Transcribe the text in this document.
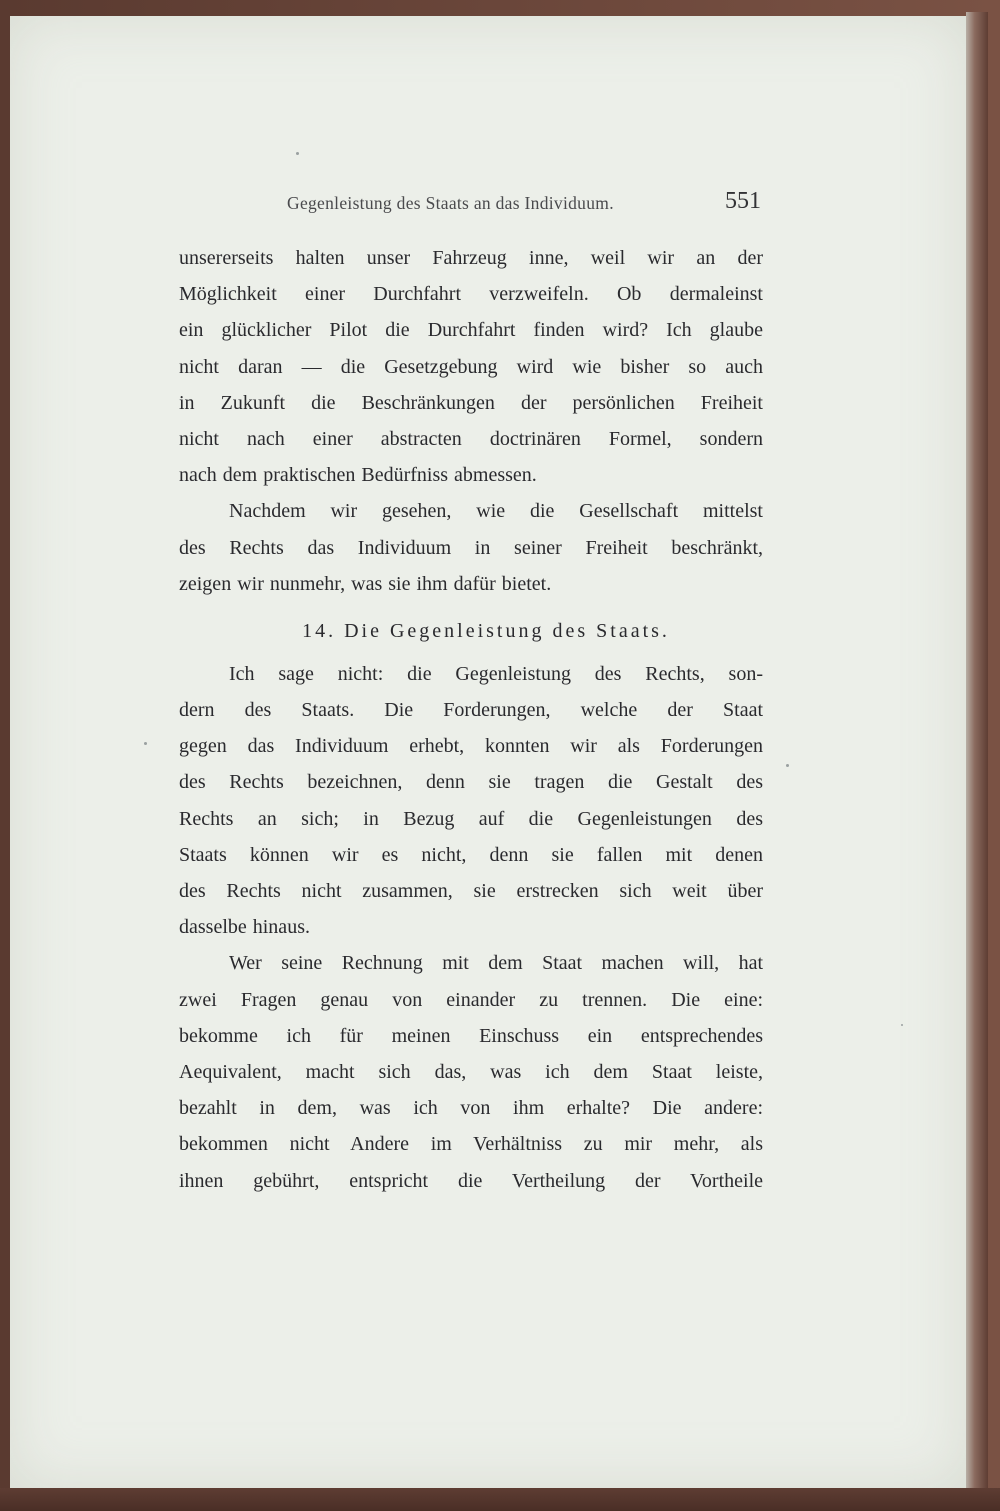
Gegenleistung des Staats an das Individuum.	551
unsererseits halten unser Fahrzeug inne, weil wir an der
Möglichkeit einer Durchfahrt verzweifeln. Ob dermaleinst
ein glücklicher Pilot die Durchfahrt finden wird? Ich glaube
nicht daran — die Gesetzgebung wird wie bisher so auch
in Zukunft die Beschränkungen der persönlichen Freiheit
nicht nach einer abstracten doctrinären Formel, sondern
nach dem praktischen Bedürfniss abmessen.
Nachdem wir gesehen, wie die Gesellschaft mittelst
des Rechts das Individuum in seiner Freiheit beschränkt,
zeigen wir nunmehr, was sie ihm dafür bietet.
14. Die Gegenleistung des Staats.
Ich sage nicht: die Gegenleistung des Rechts, son-
dern des Staats. Die Forderungen, welche der Staat
gegen das Individuum erhebt, konnten wir als Forderungen
des Rechts bezeichnen, denn sie tragen die Gestalt des
Rechts an sich; in Bezug auf die Gegenleistungen des
Staats können wir es nicht, denn sie fallen mit denen
des Rechts nicht zusammen, sie erstrecken sich weit über
dasselbe hinaus.
Wer seine Rechnung mit dem Staat machen will, hat
zwei Fragen genau von einander zu trennen. Die eine:
bekomme ich für meinen Einschuss ein entsprechendes
Aequivalent, macht sich das, was ich dem Staat leiste,
bezahlt in dem, was ich von ihm erhalte? Die andere:
bekommen nicht Andere im Verhältniss zu mir mehr, als
ihnen gebührt, entspricht die Vertheilung der Vortheile
